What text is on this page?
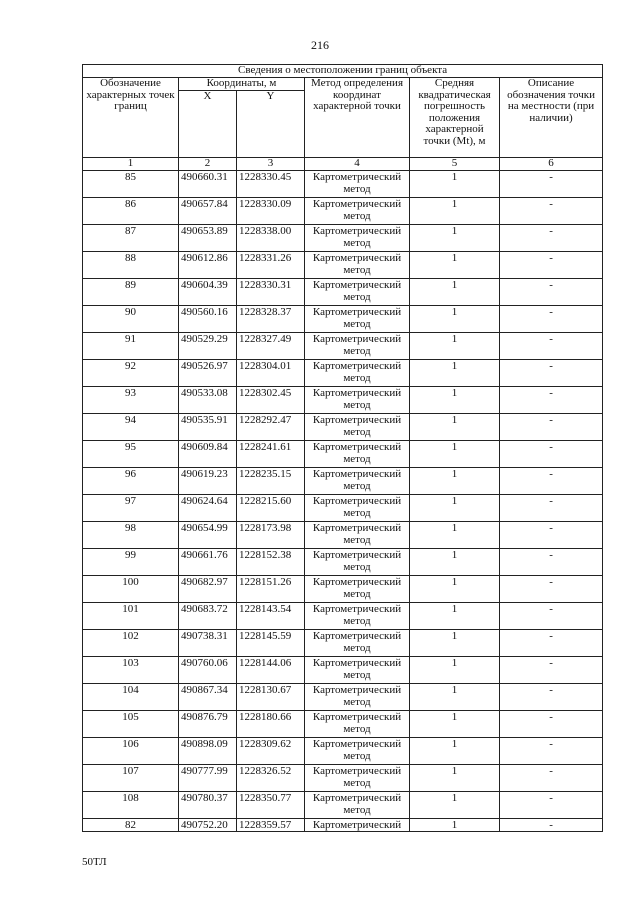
216
Сведения о местоположении границ объекта					
Обозначение характерных точек границ	Координаты, м		Метод определения координат характерной точки	Средняя квадратическая погрешность положения характерной точки (Mt), м	Описание обозначения точки на местности (при наличии)
	X	Y			
1	2	3	4	5	6
85	490660.31	1228330.45	Картометрический метод	1	-
86	490657.84	1228330.09	Картометрический метод	1	-
87	490653.89	1228338.00	Картометрический метод	1	-
88	490612.86	1228331.26	Картометрический метод	1	-
89	490604.39	1228330.31	Картометрический метод	1	-
90	490560.16	1228328.37	Картометрический метод	1	-
91	490529.29	1228327.49	Картометрический метод	1	-
92	490526.97	1228304.01	Картометрический метод	1	-
93	490533.08	1228302.45	Картометрический метод	1	-
94	490535.91	1228292.47	Картометрический метод	1	-
95	490609.84	1228241.61	Картометрический метод	1	-
96	490619.23	1228235.15	Картометрический метод	1	-
97	490624.64	1228215.60	Картометрический метод	1	-
98	490654.99	1228173.98	Картометрический метод	1	-
99	490661.76	1228152.38	Картометрический метод	1	-
100	490682.97	1228151.26	Картометрический метод	1	-
101	490683.72	1228143.54	Картометрический метод	1	-
102	490738.31	1228145.59	Картометрический метод	1	-
103	490760.06	1228144.06	Картометрический метод	1	-
104	490867.34	1228130.67	Картометрический метод	1	-
105	490876.79	1228180.66	Картометрический метод	1	-
106	490898.09	1228309.62	Картометрический метод	1	-
107	490777.99	1228326.52	Картометрический метод	1	-
108	490780.37	1228350.77	Картометрический метод	1	-
82	490752.20	1228359.57	Картометрический	1	-
50ТЛ
